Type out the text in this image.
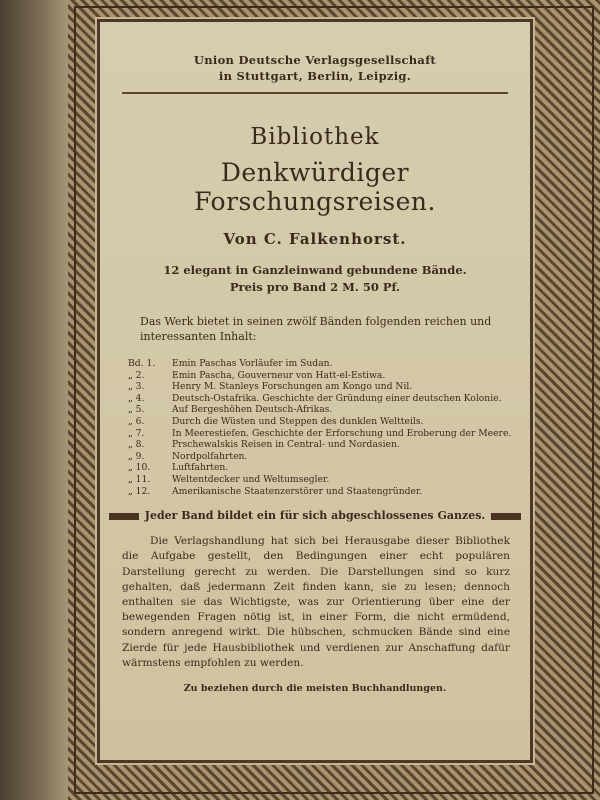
Union Deutsche Verlagsgesellschaft
in Stuttgart, Berlin, Leipzig.
Bibliothek
Denkwürdiger Forschungsreisen.
Von C. Falkenhorst.
12 elegant in Ganzleinwand gebundene Bände.
Preis pro Band 2 M. 50 Pf.
Das Werk bietet in seinen zwölf Bänden folgenden reichen und interessanten Inhalt:
Bd. 1.	Emin Paschas Vorläufer im Sudan.
„ 2.	Emin Pascha, Gouverneur von Hatt-el-Estiwa.
„ 3.	Henry M. Stanleys Forschungen am Kongo und Nil.
„ 4.	Deutsch-Ostafrika. Geschichte der Gründung einer deutschen Kolonie.
„ 5.	Auf Bergeshöhen Deutsch-Afrikas.
„ 6.	Durch die Wüsten und Steppen des dunklen Weltteils.
„ 7.	In Meerestiefen. Geschichte der Erforschung und Eroberung der Meere.
„ 8.	Prschewalskis Reisen in Central- und Nordasien.
„ 9.	Nordpolfahrten.
„ 10.	Luftfahrten.
„ 11.	Weltentdecker und Weltumsegler.
„ 12.	Amerikanische Staatenzerstörer und Staatengründer.
Jeder Band bildet ein für sich abgeschlossenes Ganzes.
Die Verlagshandlung hat sich bei Herausgabe dieser Bibliothek die Aufgabe gestellt, den Bedingungen einer echt populären Darstellung gerecht zu werden. Die Darstellungen sind so kurz gehalten, daß jedermann Zeit finden kann, sie zu lesen; dennoch enthalten sie das Wichtigste, was zur Orientierung über eine der bewegenden Fragen nötig ist, in einer Form, die nicht ermüdend, sondern anregend wirkt. Die hübschen, schmucken Bände sind eine Zierde für jede Hausbibliothek und verdienen zur Anschaffung dafür wärmstens empfohlen zu werden.
Zu beziehen durch die meisten Buchhandlungen.
